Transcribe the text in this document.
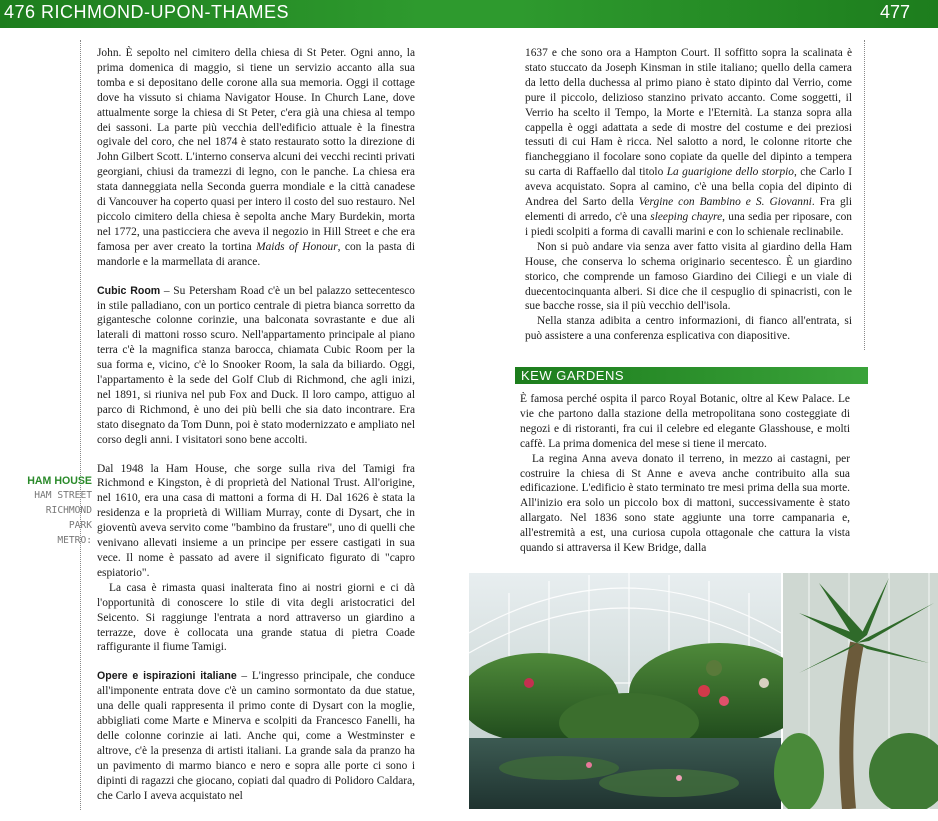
476 RICHMOND-UPON-THAMES	477
HAM HOUSE
HAM STREET
RICHMOND
PARK
METRO:

John. È sepolto nel cimitero della chiesa di St Peter. Ogni anno, la prima domenica di maggio, si tiene un servizio accanto alla sua tomba e si depositano delle corone alla sua memoria. Oggi il cottage dove ha vissuto si chiama Navigator House. In Church Lane, dove attualmente sorge la chiesa di St Peter, c'era già una chiesa al tempo dei sassoni. La parte più vecchia dell'edificio attuale è la finestra ogivale del coro, che nel 1874 è stato restaurato sotto la direzione di John Gilbert Scott. L'interno conserva alcuni dei vecchi recinti privati georgiani, chiusi da tramezzi di legno, con le panche. La chiesa era stata danneggiata nella Seconda guerra mondiale e la città canadese di Vancouver ha coperto quasi per intero il costo del suo restauro. Nel piccolo cimitero della chiesa è sepolta anche Mary Burdekin, morta nel 1772, una pasticciera che aveva il negozio in Hill Street e che era famosa per aver creato la tortina Maids of Honour, con la pasta di mandorle e la marmellata di arance.

Cubic Room – Su Petersham Road c'è un bel palazzo settecentesco in stile palladiano, con un portico centrale di pietra bianca sorretto da gigantesche colonne corinzie, una balconata sovrastante e due ali laterali di mattoni rosso scuro. Nell'appartamento principale al piano terra c'è la magnifica stanza barocca, chiamata Cubic Room per la sua forma e, vicino, c'è lo Snooker Room, la sala da biliardo. Oggi, l'appartamento è la sede del Golf Club di Richmond, che agli inizi, nel 1891, si riuniva nel pub Fox and Duck. Il loro campo, attiguo al parco di Richmond, è uno dei più belli che sia dato incontrare. Era stato disegnato da Tom Dunn, poi è stato modernizzato e ampliato nel corso degli anni. I visitatori sono bene accolti.

Dal 1948 la Ham House, che sorge sulla riva del Tamigi fra Richmond e Kingston, è di proprietà del National Trust. All'origine, nel 1610, era una casa di mattoni a forma di H. Dal 1626 è stata la residenza e la proprietà di William Murray, conte di Dysart, che in gioventù aveva servito come "bambino da frustare", uno di quelli che venivano allevati insieme a un principe per essere castigati in sua vece. Il nome è passato ad avere il significato figurato di "capro espiatorio".

La casa è rimasta quasi inalterata fino ai nostri giorni e ci dà l'opportunità di conoscere lo stile di vita degli aristocratici del Seicento. Si raggiunge l'entrata a nord attraverso un giardino a terrazze, dove è collocata una grande statua di pietra Coade raffigurante il fiume Tamigi.

Opere e ispirazioni italiane – L'ingresso principale, che conduce all'imponente entrata dove c'è un camino sormontato da due statue, una delle quali rappresenta il primo conte di Dysart con la moglie, abbigliati come Marte e Minerva e scolpiti da Francesco Fanelli, ha delle colonne corinzie ai lati. Anche qui, come a Westminster e altrove, c'è la presenza di artisti italiani. La grande sala da pranzo ha un pavimento di marmo bianco e nero e sopra alle porte ci sono i dipinti di ragazzi che giocano, copiati dal quadro di Polidoro Caldara, che Carlo I aveva acquistato nel

1637 e che sono ora a Hampton Court. Il soffitto sopra la scalinata è stato stuccato da Joseph Kinsman in stile italiano; quello della camera da letto della duchessa al primo piano è stato dipinto dal Verrio, come pure il piccolo, delizioso stanzino privato accanto. Come soggetti, il Verrio ha scelto il Tempo, la Morte e l'Eternità. La stanza sopra alla cappella è oggi adattata a sede di mostre del costume e dei preziosi tessuti di cui Ham è ricca. Nel salotto a nord, le colonne ritorte che fiancheggiano il focolare sono copiate da quelle del dipinto a tempera su carta di Raffaello dal titolo La guarigione dello storpio, che Carlo I aveva acquistato. Sopra al camino, c'è una bella copia del dipinto di Andrea del Sarto della Vergine con Bambino e S. Giovanni. Fra gli elementi di arredo, c'è una sleeping chayre, una sedia per riposare, con i piedi scolpiti a forma di cavalli marini e con lo schienale reclinabile.

Non si può andare via senza aver fatto visita al giardino della Ham House, che conserva lo schema originario secentesco. È un giardino storico, che comprende un famoso Giardino dei Ciliegi e un viale di duecentocinquanta alberi. Si dice che il cespuglio di spinacristi, con le sue bacche rosse, sia il più vecchio dell'isola.

Nella stanza adibita a centro informazioni, di fianco all'entrata, si può assistere a una conferenza esplicativa con diapositive.

KEW GARDENS

È famosa perché ospita il parco Royal Botanic, oltre al Kew Palace. Le vie che partono dalla stazione della metropolitana sono costeggiate di negozi e di ristoranti, fra cui il celebre ed elegante Glasshouse, e molti caffè. La prima domenica del mese si tiene il mercato.

La regina Anna aveva donato il terreno, in mezzo ai castagni, per costruire la chiesa di St Anne e aveva anche contribuito alla sua edificazione. L'edificio è stato terminato tre mesi prima della sua morte. All'inizio era solo un piccolo box di mattoni, successivamente è stato allargato. Nel 1836 sono state aggiunte una torre campanaria e, all'estremità a est, una curiosa cupola ottagonale che cattura la vista quando si attraversa il Kew Bridge, dalla
